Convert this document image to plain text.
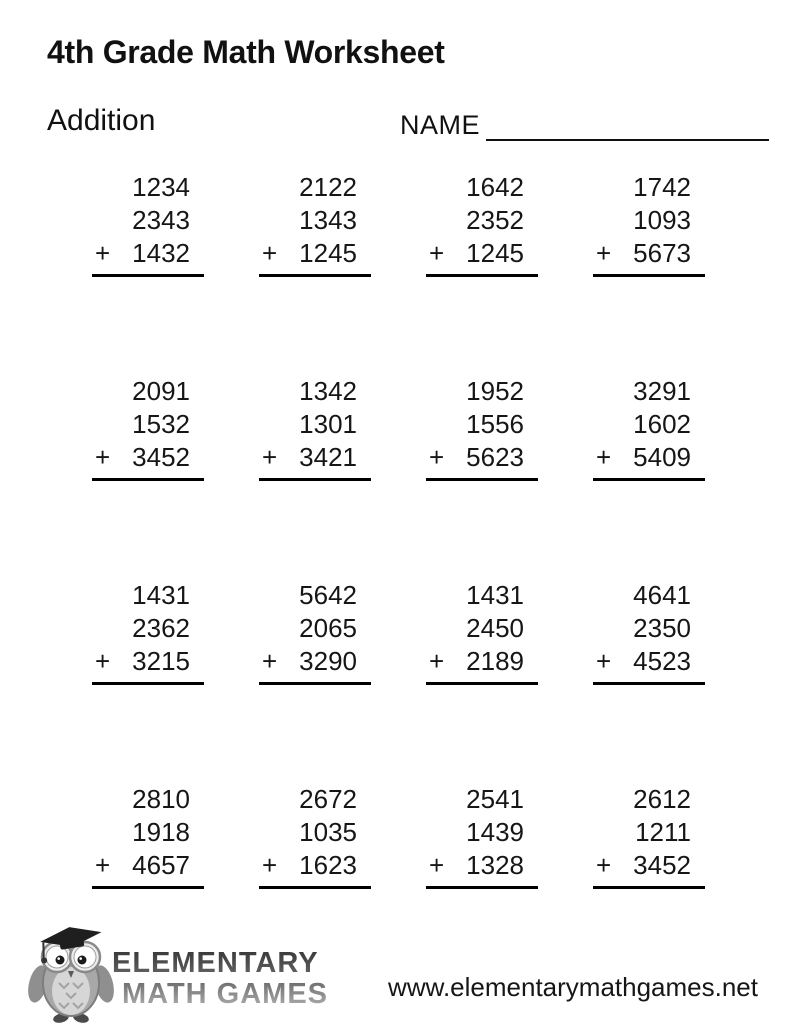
4th Grade Math Worksheet
Addition	NAME
1234
2343
+ 1432
2122
1343
+ 1245
1642
2352
+ 1245
1742
1093
+ 5673
2091
1532
+ 3452
1342
1301
+ 3421
1952
1556
+ 5623
3291
1602
+ 5409
1431
2362
+ 3215
5642
2065
+ 3290
1431
2450
+ 2189
4641
2350
+ 4523
2810
1918
+ 4657
2672
1035
+ 1623
2541
1439
+ 1328
2612
1211
+ 3452
ELEMENTARY
MATH GAMES www.elementarymathgames.net
